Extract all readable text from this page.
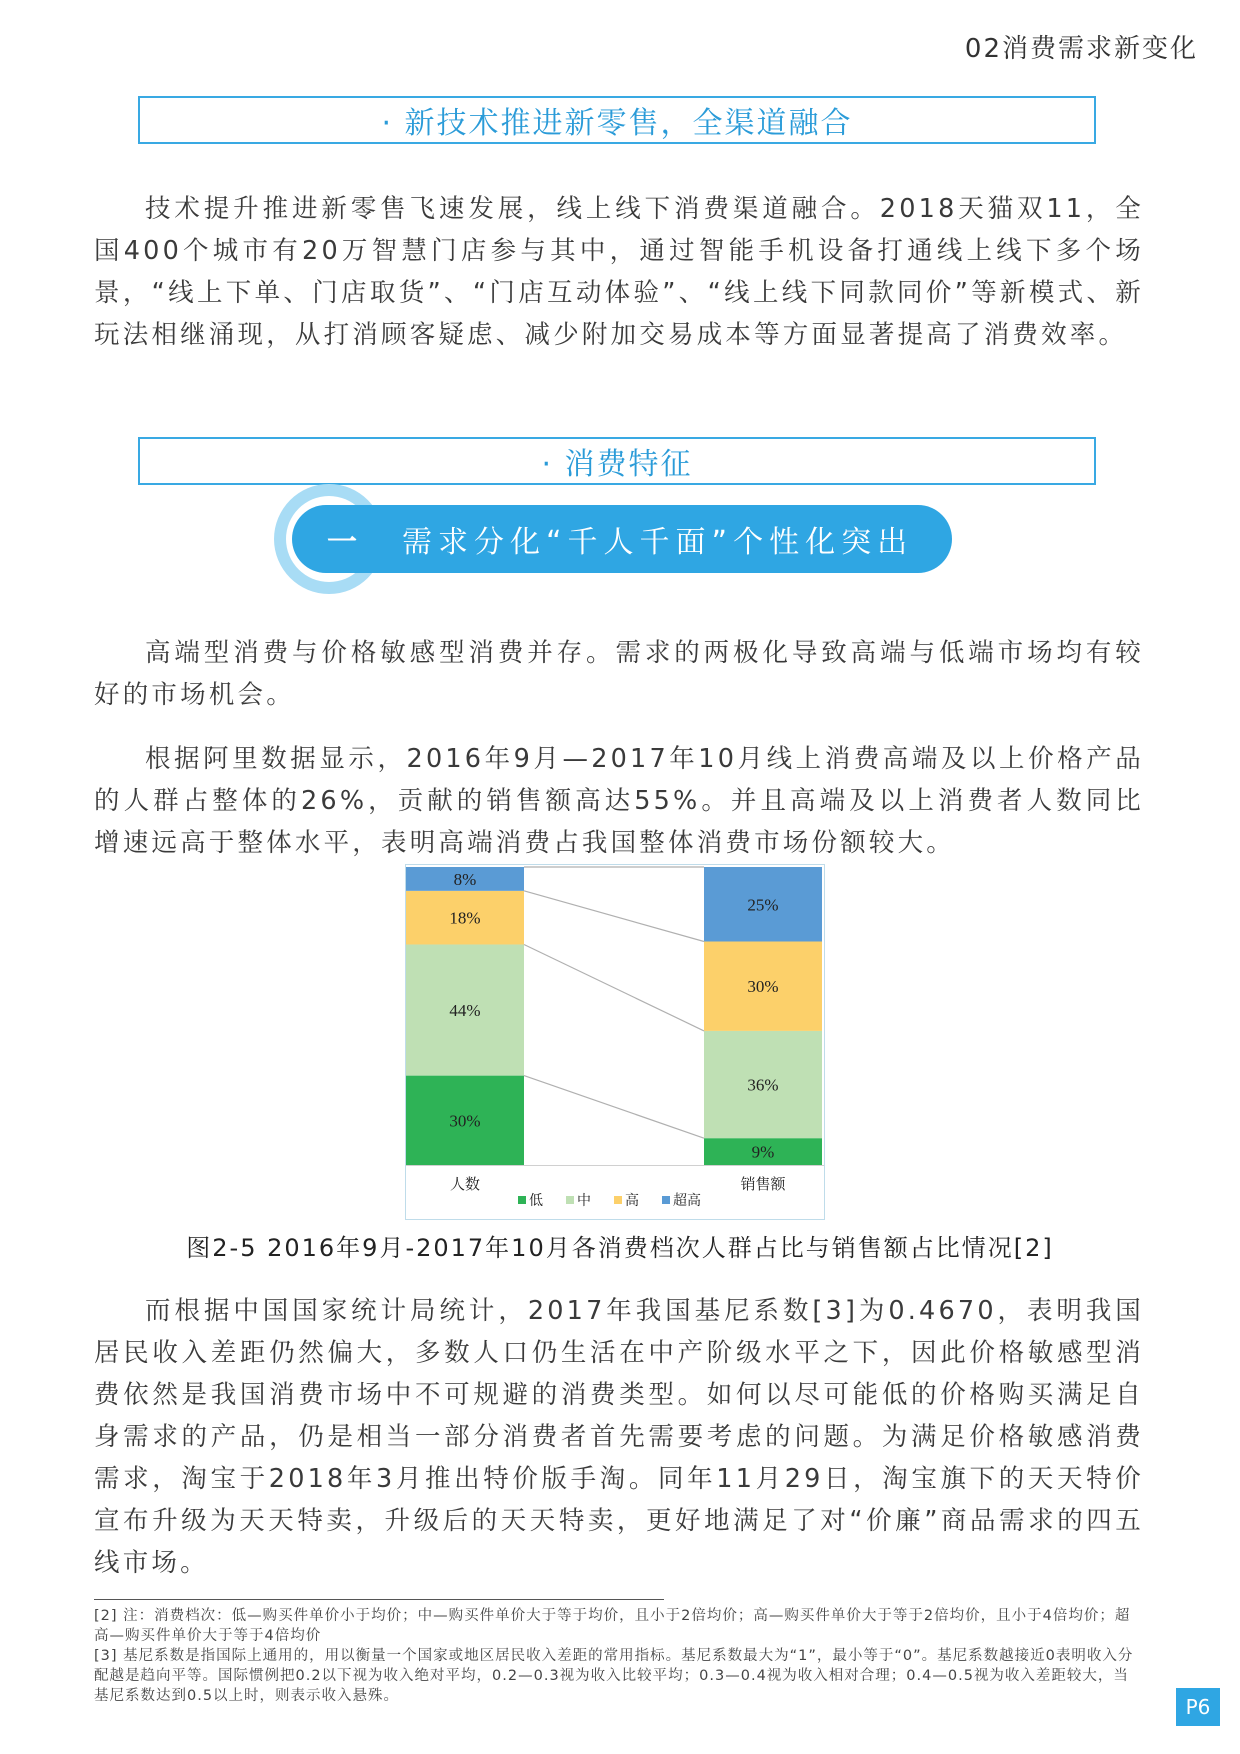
02消费需求新变化
· 新技术推进新零售，全渠道融合

技术提升推进新零售飞速发展，线上线下消费渠道融合。2018天猫双11，全国400个城市有20万智慧门店参与其中，通过智能手机设备打通线上线下多个场景，“线上下单、门店取货”、“门店互动体验”、“线上线下同款同价”等新模式、新玩法相继涌现，从打消顾客疑虑、减少附加交易成本等方面显著提高了消费效率。

· 消费特征
一	需求分化“千人千面”个性化突出

高端型消费与价格敏感型消费并存。需求的两极化导致高端与低端市场均有较好的市场机会。

根据阿里数据显示，2016年9月—2017年10月线上消费高端及以上价格产品的人群占整体的26%，贡献的销售额高达55%。并且高端及以上消费者人数同比增速远高于整体水平，表明高端消费占我国整体消费市场份额较大。

30%
44%
18%
8%
人数
9%
36%
30%
25%
销售额
低 中 高 超高
图2-5 2016年9月-2017年10月各消费档次人群占比与销售额占比情况[2]

而根据中国国家统计局统计，2017年我国基尼系数[3]为0.4670，表明我国居民收入差距仍然偏大，多数人口仍生活在中产阶级水平之下，因此价格敏感型消费依然是我国消费市场中不可规避的消费类型。如何以尽可能低的价格购买满足自身需求的产品，仍是相当一部分消费者首先需要考虑的问题。为满足价格敏感消费需求，淘宝于2018年3月推出特价版手淘。同年11月29日，淘宝旗下的天天特价宣布升级为天天特卖，升级后的天天特卖，更好地满足了对“价廉”商品需求的四五线市场。

[2] 注：消费档次：低—购买件单价小于均价；中—购买件单价大于等于均价，且小于2倍均价；高—购买件单价大于等于2倍均价，且小于4倍均价；超高—购买件单价大于等于4倍均价

[3] 基尼系数是指国际上通用的，用以衡量一个国家或地区居民收入差距的常用指标。基尼系数最大为“1”，最小等于“0”。基尼系数越接近0表明收入分配越是趋向平等。国际惯例把0.2以下视为收入绝对平均，0.2—0.3视为收入比较平均；0.3—0.4视为收入相对合理；0.4—0.5视为收入差距较大，当基尼系数达到0.5以上时，则表示收入悬殊。	P6
